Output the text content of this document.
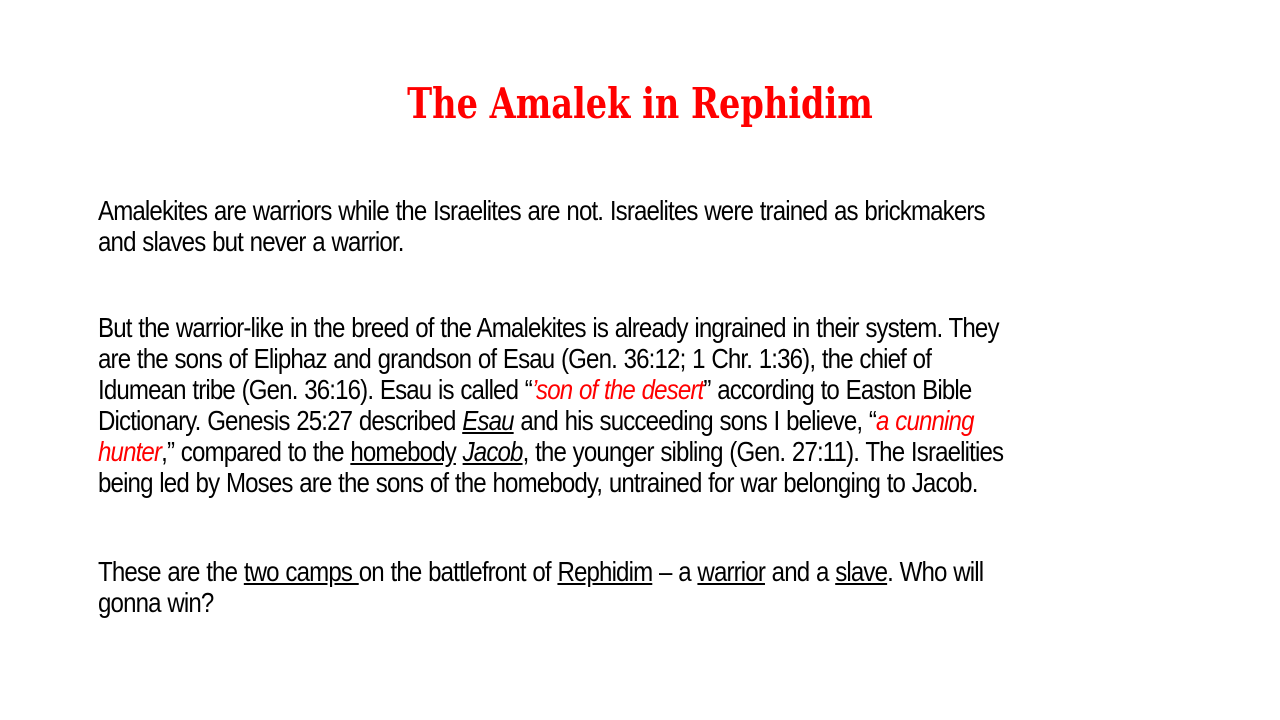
The Amalek in Rephidim
Amalekites are warriors while the Israelites are not. Israelites were trained as brickmakers
and slaves but never a warrior.
But the warrior-like in the breed of the Amalekites is already ingrained in their system. They
are the sons of Eliphaz and grandson of Esau (Gen. 36:12; 1 Chr. 1:36), the chief of
Idumean tribe (Gen. 36:16). Esau is called “’son of the desert” according to Easton Bible
Dictionary. Genesis 25:27 described Esau and his succeeding sons I believe, “a cunning
hunter,” compared to the homebody Jacob, the younger sibling (Gen. 27:11). The Israelities
being led by Moses are the sons of the homebody, untrained for war belonging to Jacob.
These are the two camps on the battlefront of Rephidim – a warrior and a slave. Who will
gonna win?
